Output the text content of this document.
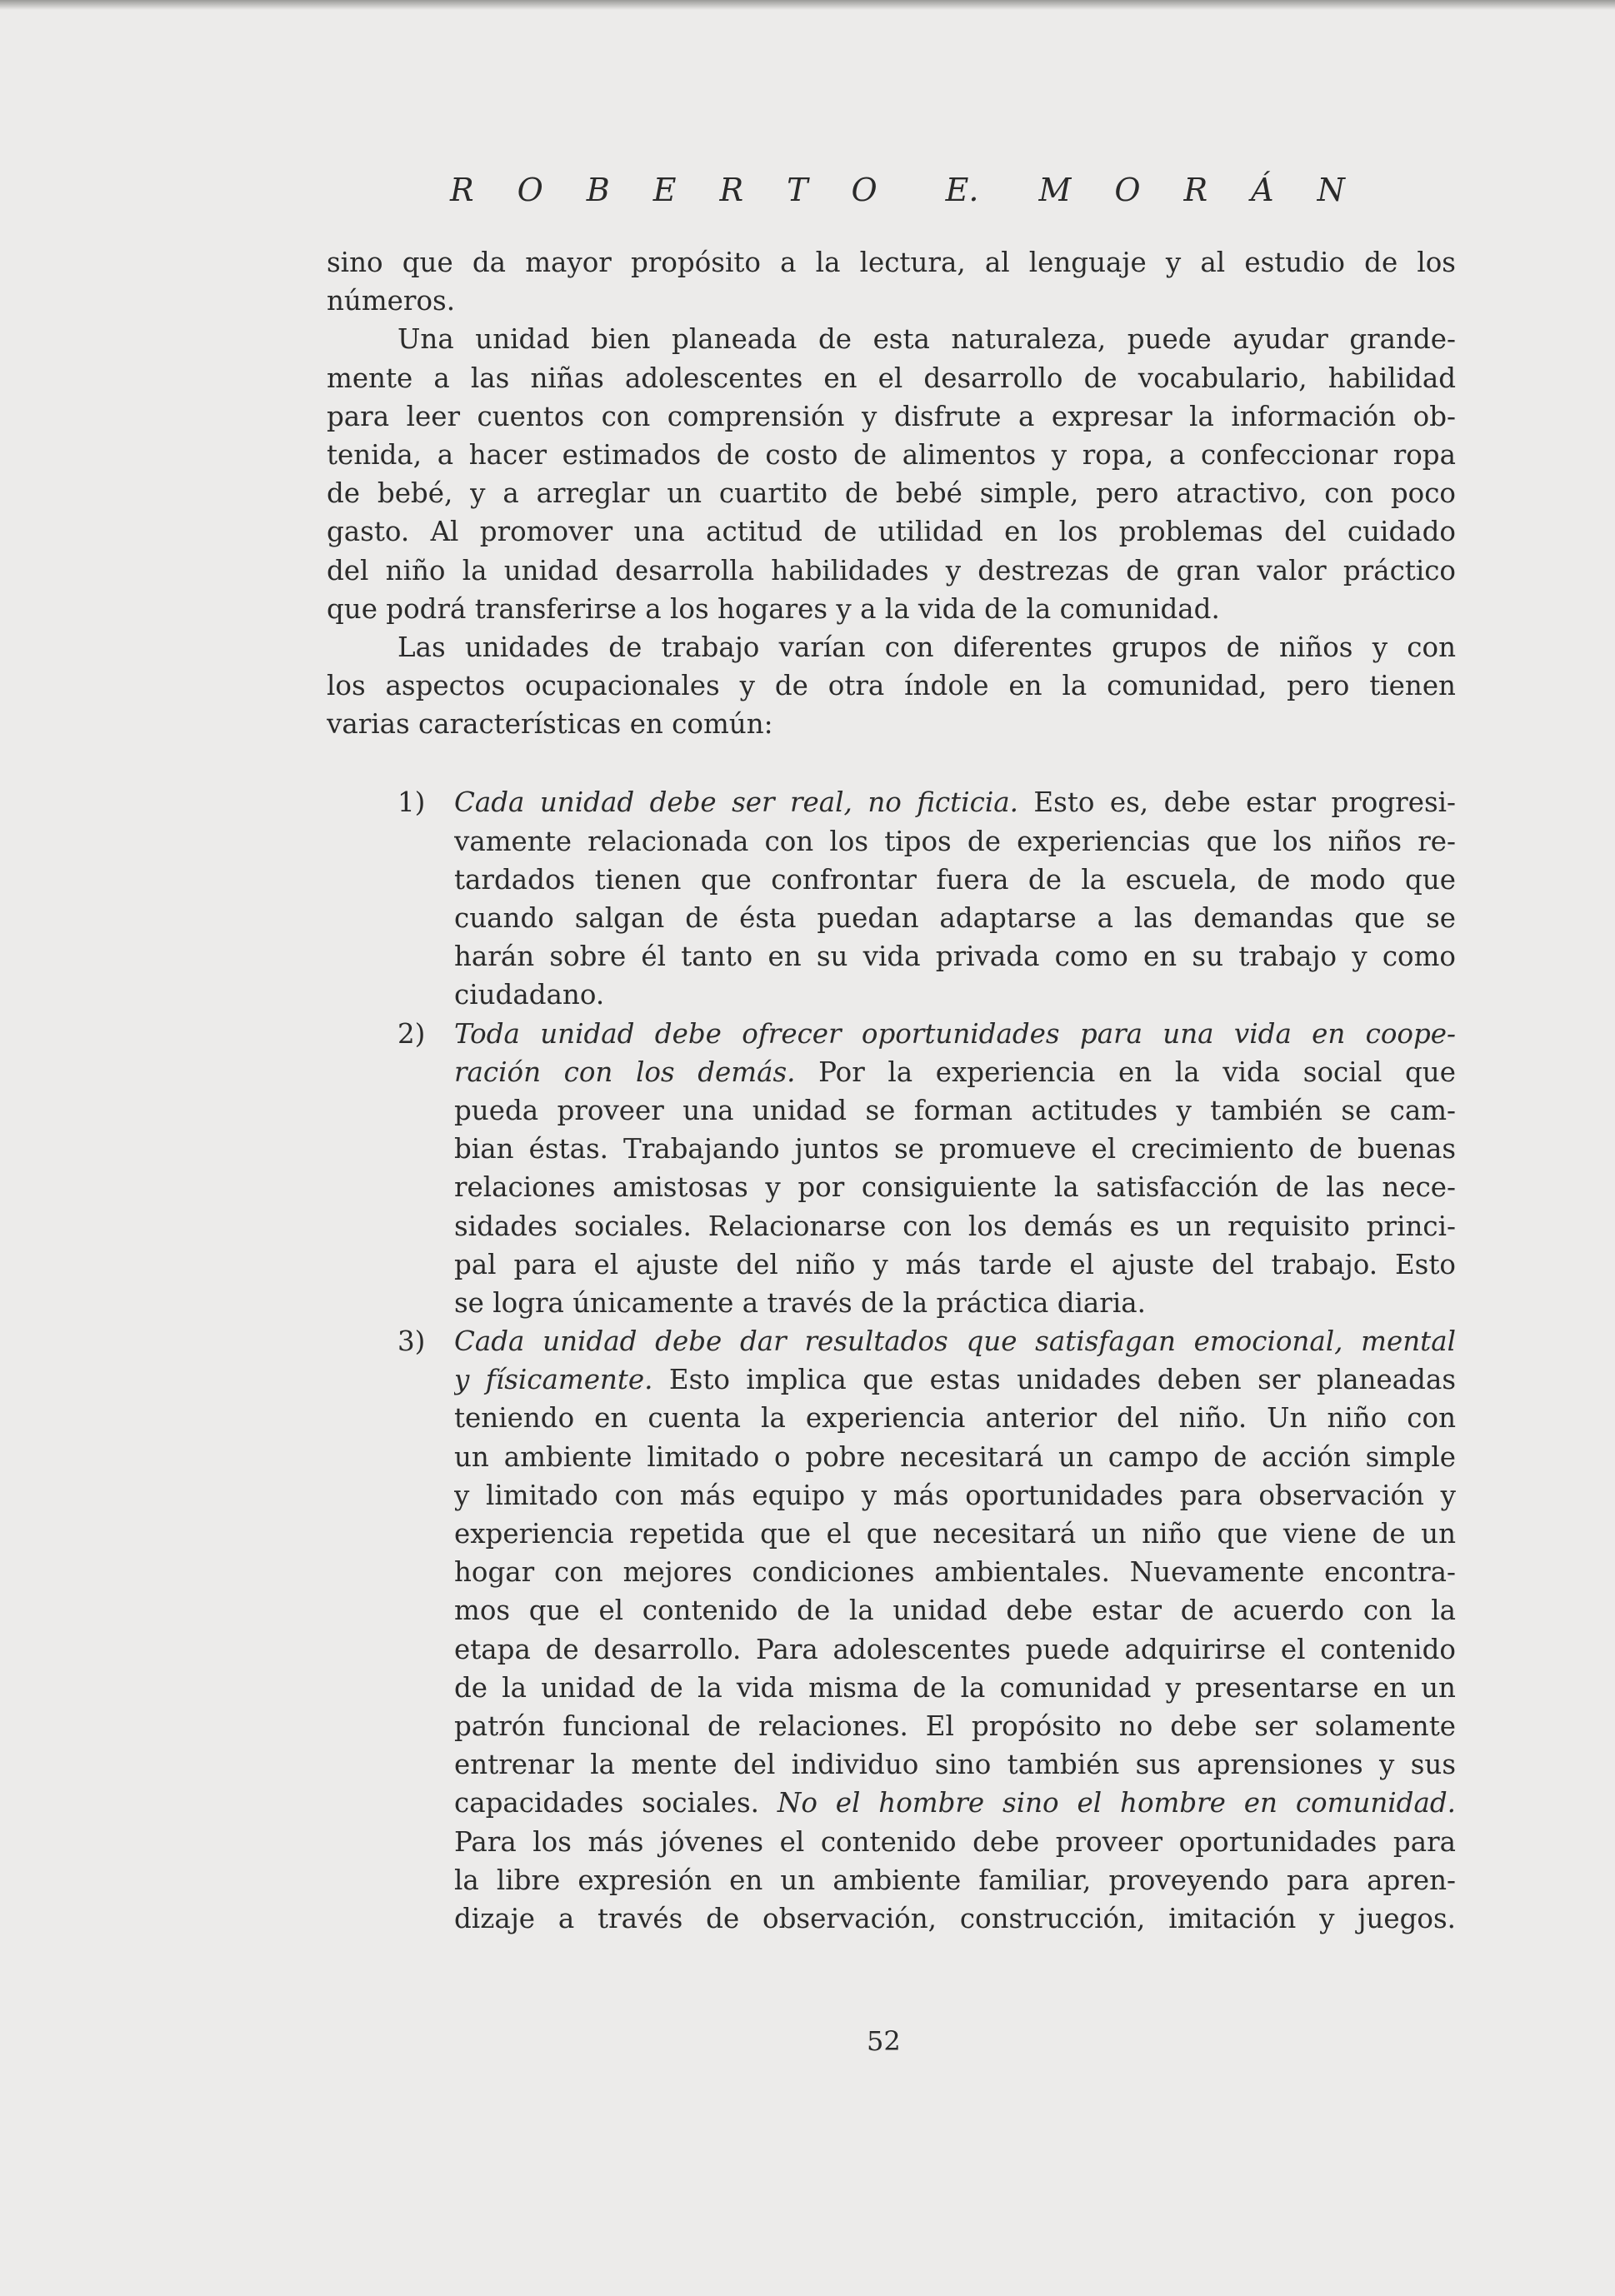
R O B E R T O E. M O R Á N
sino que da mayor propósito a la lectura, al lenguaje y al estudio de los
números.
Una unidad bien planeada de esta naturaleza, puede ayudar grande-
mente a las niñas adolescentes en el desarrollo de vocabulario, habilidad
para leer cuentos con comprensión y disfrute a expresar la información ob-
tenida, a hacer estimados de costo de alimentos y ropa, a confeccionar ropa
de bebé, y a arreglar un cuartito de bebé simple, pero atractivo, con poco
gasto. Al promover una actitud de utilidad en los problemas del cuidado
del niño la unidad desarrolla habilidades y destrezas de gran valor práctico
que podrá transferirse a los hogares y a la vida de la comunidad.
Las unidades de trabajo varían con diferentes grupos de niños y con
los aspectos ocupacionales y de otra índole en la comunidad, pero tienen
varias características en común:
1)	Cada unidad debe ser real, no ficticia. Esto es, debe estar progresi-
vamente relacionada con los tipos de experiencias que los niños re-
tardados tienen que confrontar fuera de la escuela, de modo que
cuando salgan de ésta puedan adaptarse a las demandas que se
harán sobre él tanto en su vida privada como en su trabajo y como
ciudadano.
2)	Toda unidad debe ofrecer oportunidades para una vida en coope-
ración con los demás. Por la experiencia en la vida social que
pueda proveer una unidad se forman actitudes y también se cam-
bian éstas. Trabajando juntos se promueve el crecimiento de buenas
relaciones amistosas y por consiguiente la satisfacción de las nece-
sidades sociales. Relacionarse con los demás es un requisito princi-
pal para el ajuste del niño y más tarde el ajuste del trabajo. Esto
se logra únicamente a través de la práctica diaria.
3)	Cada unidad debe dar resultados que satisfagan emocional, mental
y físicamente. Esto implica que estas unidades deben ser planeadas
teniendo en cuenta la experiencia anterior del niño. Un niño con
un ambiente limitado o pobre necesitará un campo de acción simple
y limitado con más equipo y más oportunidades para observación y
experiencia repetida que el que necesitará un niño que viene de un
hogar con mejores condiciones ambientales. Nuevamente encontra-
mos que el contenido de la unidad debe estar de acuerdo con la
etapa de desarrollo. Para adolescentes puede adquirirse el contenido
de la unidad de la vida misma de la comunidad y presentarse en un
patrón funcional de relaciones. El propósito no debe ser solamente
entrenar la mente del individuo sino también sus aprensiones y sus
capacidades sociales. No el hombre sino el hombre en comunidad.
Para los más jóvenes el contenido debe proveer oportunidades para
la libre expresión en un ambiente familiar, proveyendo para apren-
dizaje a través de observación, construcción, imitación y juegos.
52
